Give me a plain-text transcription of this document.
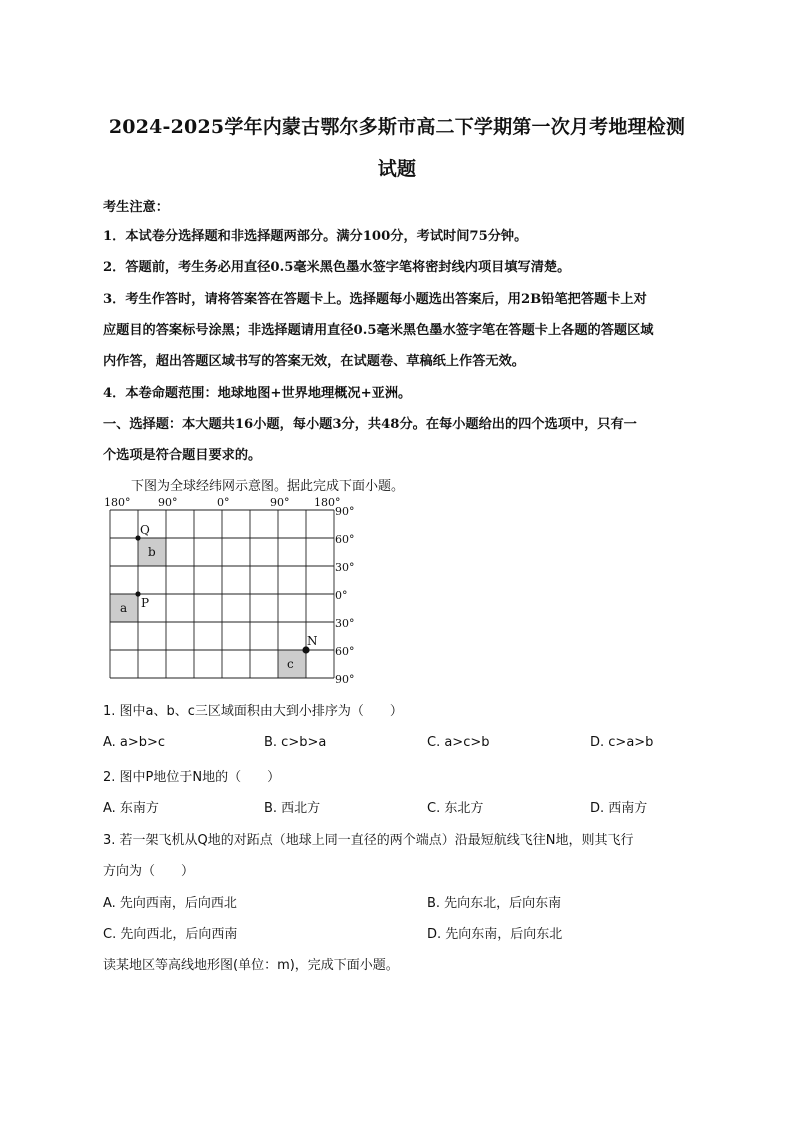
2024-2025学年内蒙古鄂尔多斯市高二下学期第一次月考地理检测
试题
考生注意：
1．本试卷分选择题和非选择题两部分。满分100分，考试时间75分钟。
2．答题前，考生务必用直径0.5毫米黑色墨水签字笔将密封线内项目填写清楚。
3．考生作答时，请将答案答在答题卡上。选择题每小题选出答案后，用2B铅笔把答题卡上对
应题目的答案标号涂黑；非选择题请用直径0.5毫米黑色墨水签字笔在答题卡上各题的答题区域
内作答，超出答题区域书写的答案无效，在试题卷、草稿纸上作答无效。
4．本卷命题范围：地球地图+世界地理概况+亚洲。
一、选择题：本大题共16小题，每小题3分，共48分。在每小题给出的四个选项中，只有一
个选项是符合题目要求的。
下图为全球经纬网示意图。据此完成下面小题。
180°	90°	0°	90° 180°
90°
60°
30°
0°
30°
60°
90°
Q
P
N
b
a
c
1. 图中a、b、c三区域面积由大到小排序为（　　）
A. a>b>c	B. c>b>a	C. a>c>b	D. c>a>b
2. 图中P地位于N地的（　　）
A. 东南方	B. 西北方	C. 东北方	D. 西南方
3. 若一架飞机从Q地的对跖点（地球上同一直径的两个端点）沿最短航线飞往N地，则其飞行
方向为（　　）
A. 先向西南，后向西北	B. 先向东北，后向东南
C. 先向西北，后向西南	D. 先向东南，后向东北
读某地区等高线地形图(单位：m)，完成下面小题。
